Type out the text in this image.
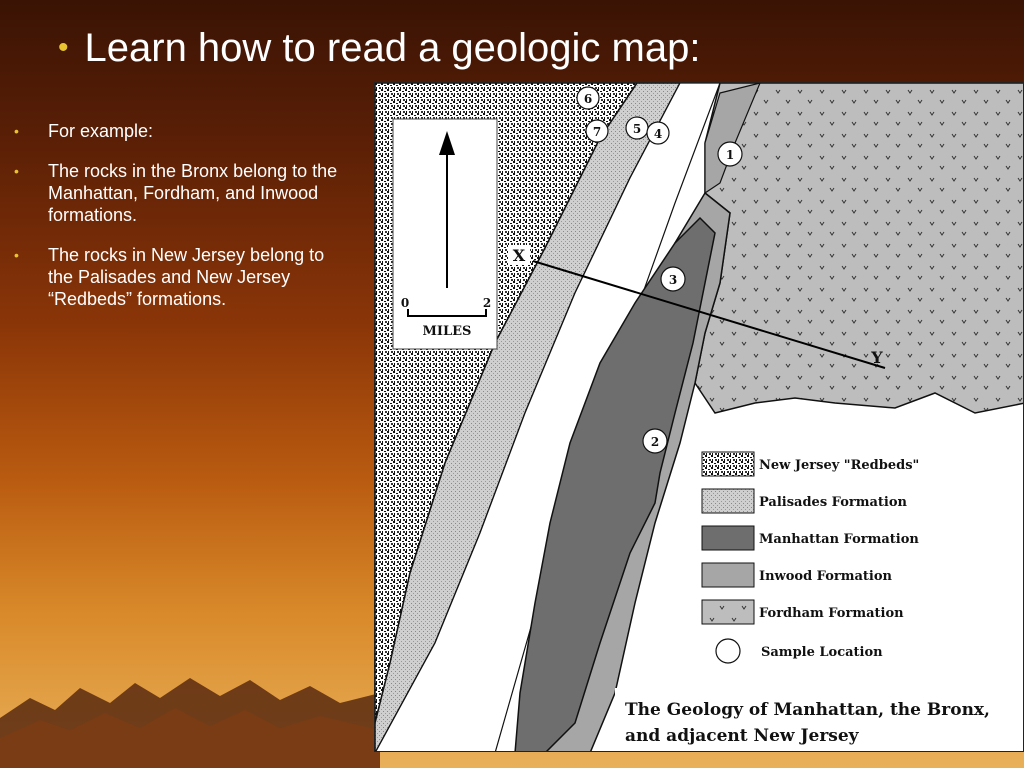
• Learn how to read a geologic map:
•	For example:
•	The rocks in the Bronx belong to the Manhattan, Fordham, and Inwood formations.
•	The rocks in New Jersey belong to the Palisades and New Jersey “Redbeds” formations.
X
Y
6
7	5 4
1
3
2
0	2
MILES
New Jersey "Redbeds"
Palisades Formation
Manhattan Formation
Inwood Formation
Fordham Formation
Sample Location
The Geology of Manhattan, the Bronx,
and adjacent New Jersey
